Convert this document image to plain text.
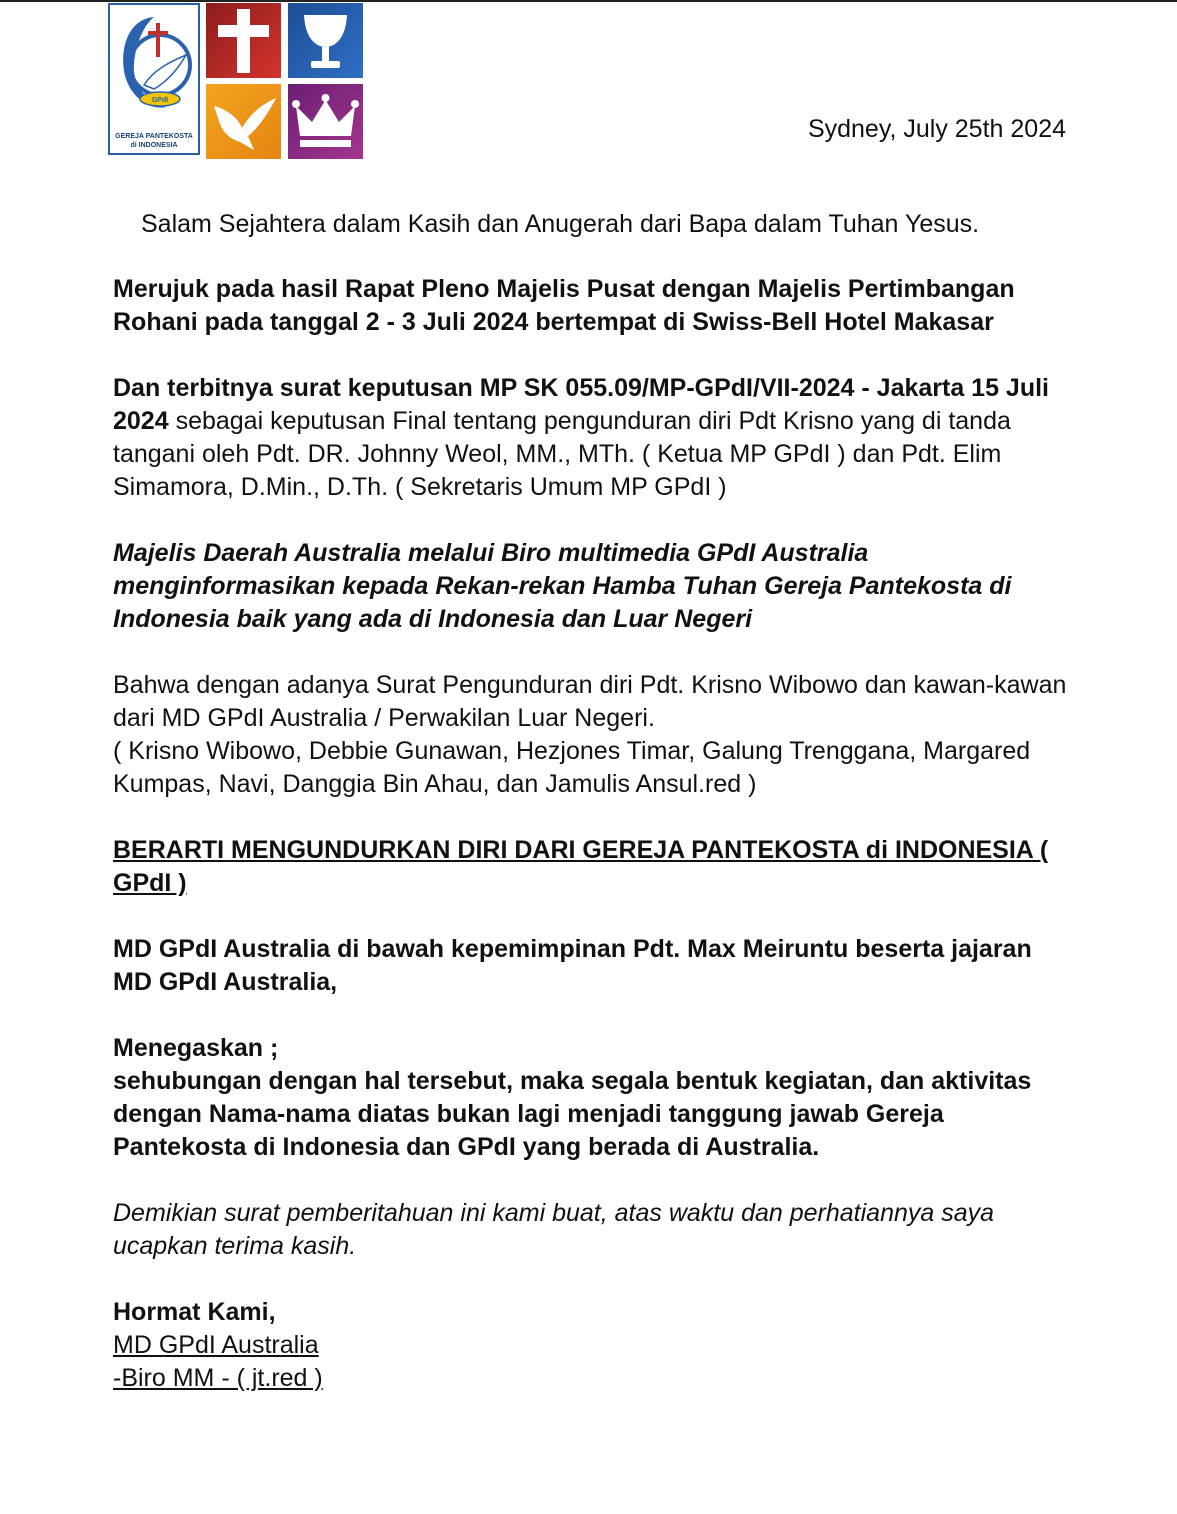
GPdI
GEREJA PANTEKOSTA
di INDONESIA
Sydney, July 25th 2024

Salam Sejahtera dalam Kasih dan Anugerah dari Bapa dalam Tuhan Yesus.

Merujuk pada hasil Rapat Pleno Majelis Pusat dengan Majelis Pertimbangan Rohani pada tanggal 2 - 3 Juli 2024 bertempat di Swiss-Bell Hotel Makasar

Dan terbitnya surat keputusan MP SK 055.09/MP-GPdI/VII-2024 - Jakarta 15 Juli 2024 sebagai keputusan Final tentang pengunduran diri Pdt Krisno yang di tanda tangani oleh Pdt. DR. Johnny Weol, MM., MTh. ( Ketua MP GPdI ) dan Pdt. Elim Simamora, D.Min., D.Th. ( Sekretaris Umum MP GPdI )

Majelis Daerah Australia melalui Biro multimedia GPdI Australia menginformasikan kepada Rekan-rekan Hamba Tuhan Gereja Pantekosta di Indonesia baik yang ada di Indonesia dan Luar Negeri

Bahwa dengan adanya Surat Pengunduran diri Pdt. Krisno Wibowo dan kawan-kawan dari MD GPdI Australia / Perwakilan Luar Negeri.

( Krisno Wibowo, Debbie Gunawan, Hezjones Timar, Galung Trenggana, Margared Kumpas, Navi, Danggia Bin Ahau, dan Jamulis Ansul.red )

BERARTI MENGUNDURKAN DIRI DARI GEREJA PANTEKOSTA di INDONESIA ( GPdI )

MD GPdI Australia di bawah kepemimpinan Pdt. Max Meiruntu beserta jajaran MD GPdI Australia,

Menegaskan ;

sehubungan dengan hal tersebut, maka segala bentuk kegiatan, dan aktivitas dengan Nama-nama diatas bukan lagi menjadi tanggung jawab Gereja Pantekosta di Indonesia dan GPdI yang berada di Australia.

Demikian surat pemberitahuan ini kami buat, atas waktu dan perhatiannya saya ucapkan terima kasih.

Hormat Kami,

MD GPdI Australia

-Biro MM - ( jt.red )
